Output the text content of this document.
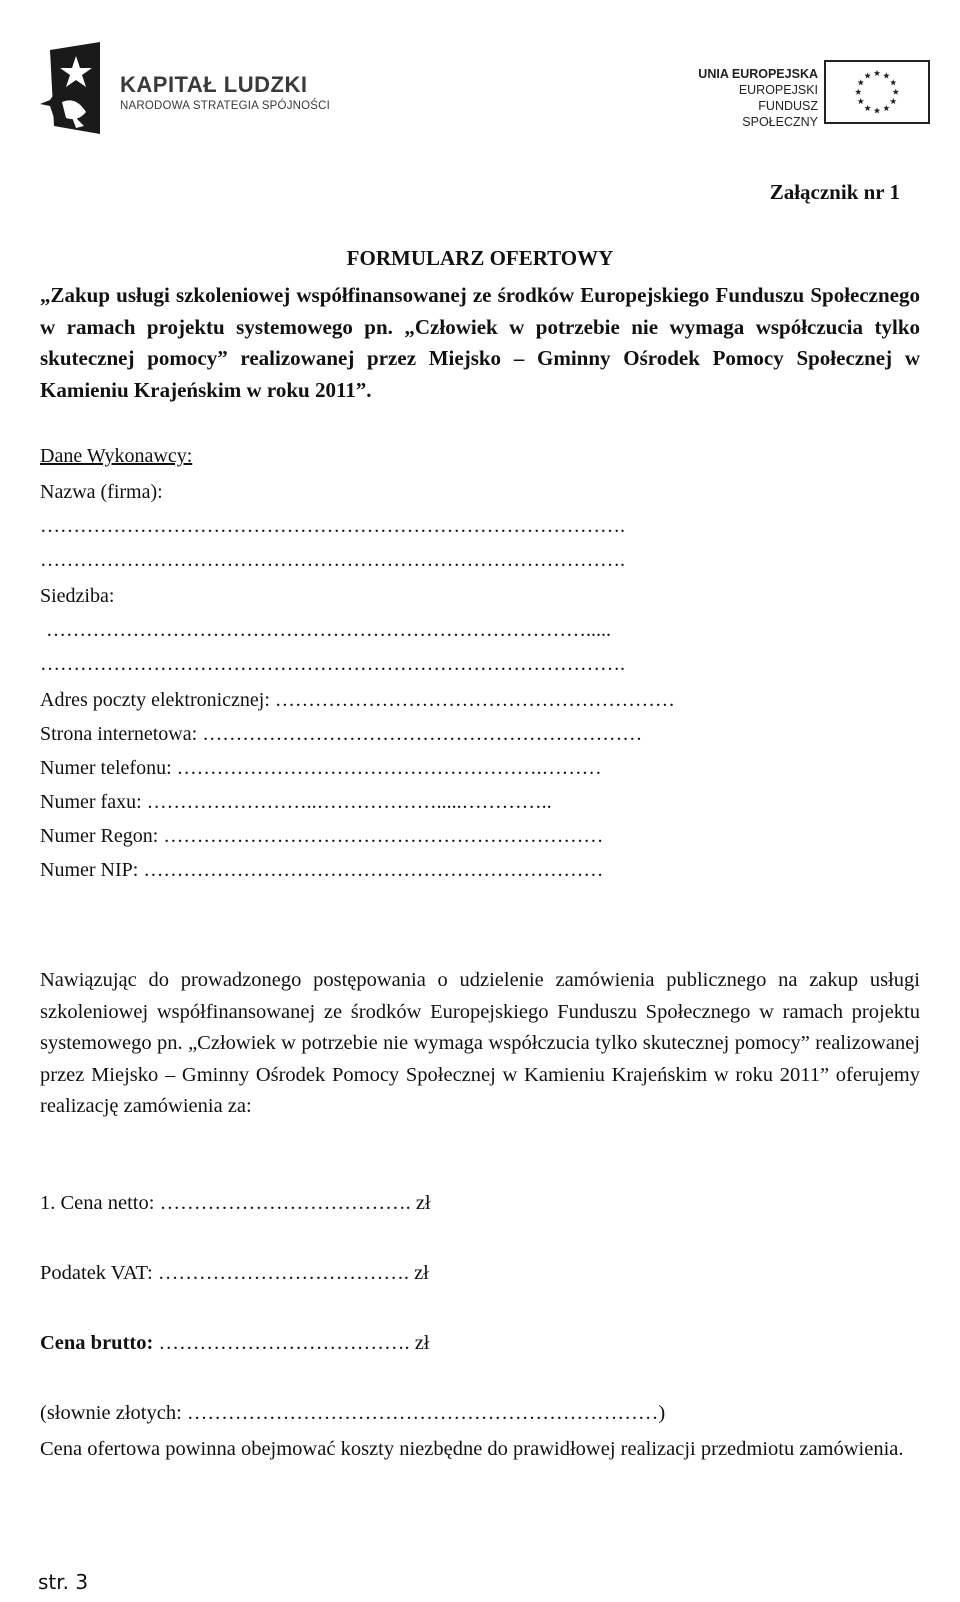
KAPITAŁ LUDZKI
NARODOWA STRATEGIA SPÓJNOŚCI
UNIA EUROPEJSKA
EUROPEJSKI
FUNDUSZ SPOŁECZNY
Załącznik nr 1
FORMULARZ OFERTOWY
„Zakup usługi szkoleniowej współfinansowanej ze środków Europejskiego Funduszu Społecznego w ramach projektu systemowego pn. „Człowiek w potrzebie nie wymaga współczucia tylko skutecznej pomocy” realizowanej przez Miejsko – Gminny Ośrodek Pomocy Społecznej w Kamieniu Krajeńskim w roku 2011”.
Dane Wykonawcy:
Nazwa (firma):
…………………………………………………………………………….
…………………………………………………………………………….
Siedziba:
……………………………………………………………………….....
…………………………………………………………………………….
Adres poczty elektronicznej: ……………………………………………………
Strona internetowa: …………………………………………………………
Numer telefonu: ……………………………………………….………
Numer faxu: ……………………..……………….....…………..
Numer Regon: …………………………………………………………
Numer NIP: ……………………………………………………………
Nawiązując do prowadzonego postępowania o udzielenie zamówienia publicznego na zakup usługi szkoleniowej współfinansowanej ze środków Europejskiego Funduszu Społecznego w ramach projektu systemowego pn. „Człowiek w potrzebie nie wymaga współczucia tylko skutecznej pomocy” realizowanej przez Miejsko – Gminny Ośrodek Pomocy Społecznej w Kamieniu Krajeńskim w roku 2011” oferujemy realizację zamówienia za:
1. Cena netto: ………………………………. zł
Podatek VAT: ………………………………. zł
Cena brutto: ………………………………. zł
(słownie złotych: ……………………………………………………………)
Cena ofertowa powinna obejmować koszty niezbędne do prawidłowej realizacji przedmiotu zamówienia.
str. 3
